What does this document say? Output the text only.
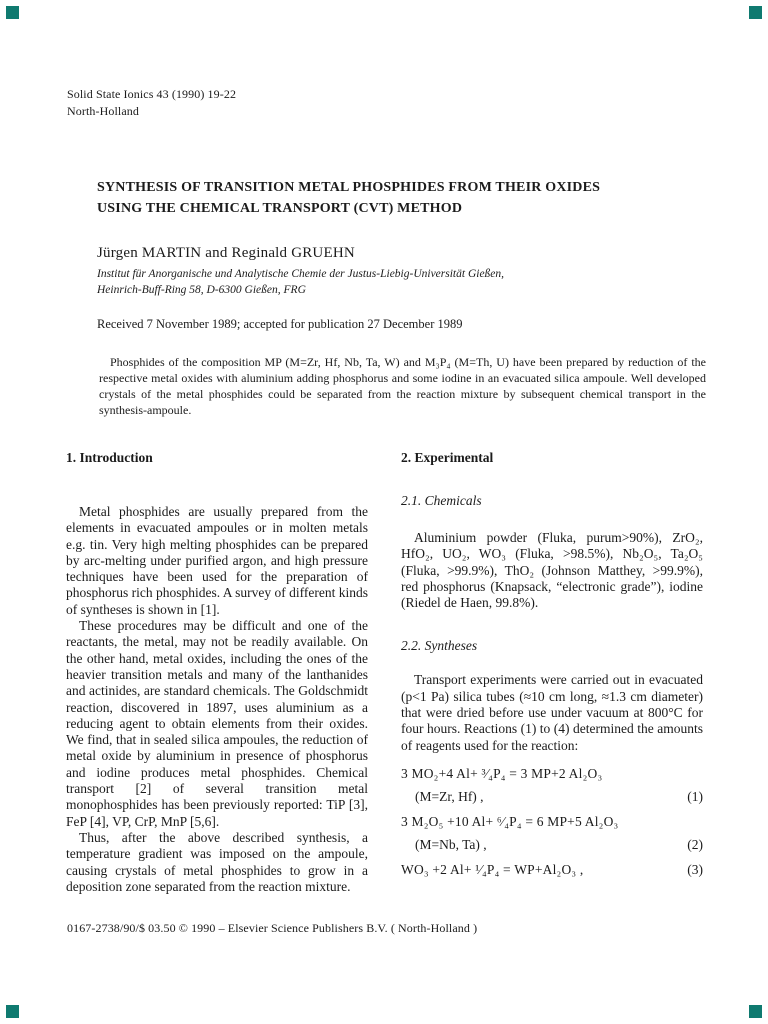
Solid State Ionics 43 (1990) 19-22
North-Holland
SYNTHESIS OF TRANSITION METAL PHOSPHIDES FROM THEIR OXIDES
USING THE CHEMICAL TRANSPORT (CVT) METHOD
Jürgen MARTIN and Reginald GRUEHN
Institut für Anorganische und Analytische Chemie der Justus-Liebig-Universität Gießen,
Heinrich-Buff-Ring 58, D-6300 Gießen, FRG
Received 7 November 1989; accepted for publication 27 December 1989
Phosphides of the composition MP (M=Zr, Hf, Nb, Ta, W) and M₃P₄ (M=Th, U) have been prepared by reduction of the respective metal oxides with aluminium adding phosphorus and some iodine in an evacuated silica ampoule. Well developed crystals of the metal phosphides could be separated from the reaction mixture by subsequent chemical transport in the synthesis-ampoule.
1. Introduction

Metal phosphides are usually prepared from the elements in evacuated ampoules or in molten metals e.g. tin. Very high melting phosphides can be prepared by arc-melting under purified argon, and high pressure techniques have been used for the preparation of phosphorus rich phosphides. A survey of different kinds of syntheses is shown in [1].

These procedures may be difficult and one of the reactants, the metal, may not be readily available. On the other hand, metal oxides, including the ones of the heavier transition metals and many of the lanthanides and actinides, are standard chemicals. The Goldschmidt reaction, discovered in 1897, uses aluminium as a reducing agent to obtain elements from their oxides. We find, that in sealed silica ampoules, the reduction of metal oxide by aluminium in presence of phosphorus and iodine produces metal phosphides. Chemical transport [2] of several transition metal monophosphides has been previously reported: TiP [3], FeP [4], VP, CrP, MnP [5,6].

Thus, after the above described synthesis, a temperature gradient was imposed on the ampoule, causing crystals of metal phosphides to grow in a deposition zone separated from the reaction mixture.

2. Experimental
2.1. Chemicals

Aluminium powder (Fluka, purum>90%), ZrO₂, HfO₂, UO₂, WO₃ (Fluka, >98.5%), Nb₂O₅, Ta₂O₅ (Fluka, >99.9%), ThO₂ (Johnson Matthey, >99.9%), red phosphorus (Knapsack, “electronic grade”), iodine (Riedel de Haen, 99.8%).

2.2. Syntheses

Transport experiments were carried out in evacuated (p<1 Pa) silica tubes (≈10 cm long, ≈1.3 cm diameter) that were dried before use under vacuum at 800°C for four hours. Reactions (1) to (4) determined the amounts of reagents used for the reaction:

3 MO₂+4 Al+ ³⁄₄P₄ = 3 MP+2 Al₂O₃
(M=Zr, Hf) ,	(1)
3 M₂O₅ +10 Al+ ⁶⁄₄P₄ = 6 MP+5 Al₂O₃
(M=Nb, Ta) ,	(2)
WO₃ +2 Al+ ¹⁄₄P₄ = WP+Al₂O₃ ,	(3)
0167-2738/90/$ 03.50 © 1990 – Elsevier Science Publishers B.V. ( North-Holland )
